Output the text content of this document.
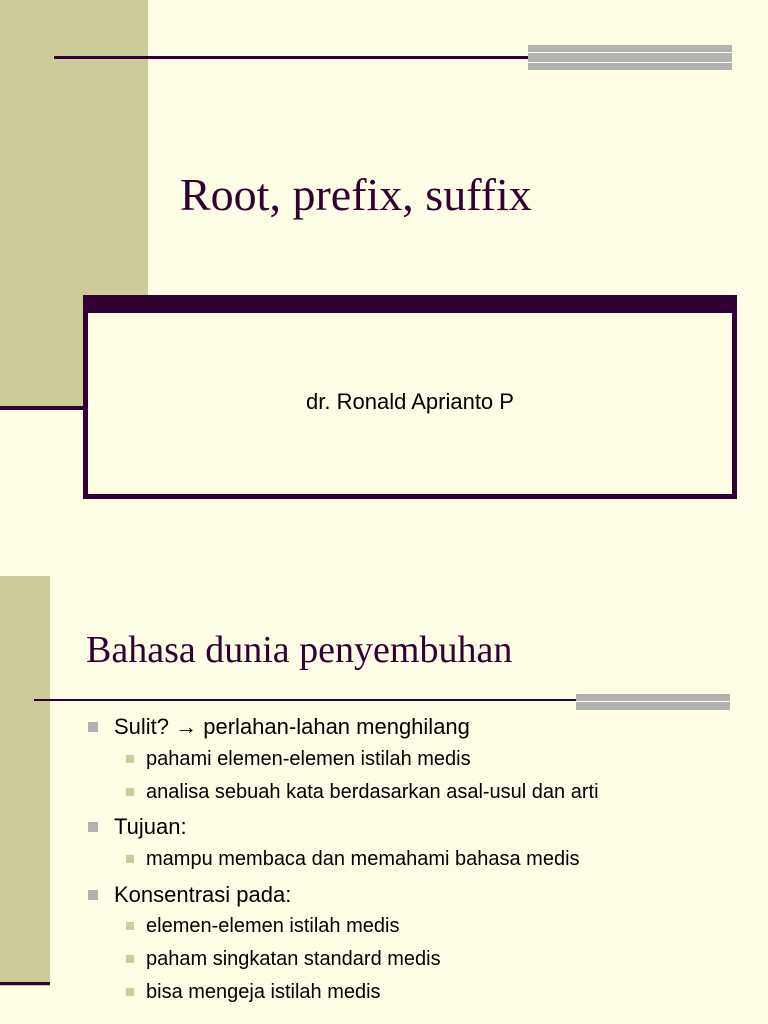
Root, prefix, suffix
dr. Ronald Aprianto P
Bahasa dunia penyembuhan
Sulit? → perlahan-lahan menghilang
pahami elemen-elemen istilah medis
analisa sebuah kata berdasarkan asal-usul dan arti
Tujuan:
mampu membaca dan memahami bahasa medis
Konsentrasi pada:
elemen-elemen istilah medis
paham singkatan standard medis
bisa mengeja istilah medis
